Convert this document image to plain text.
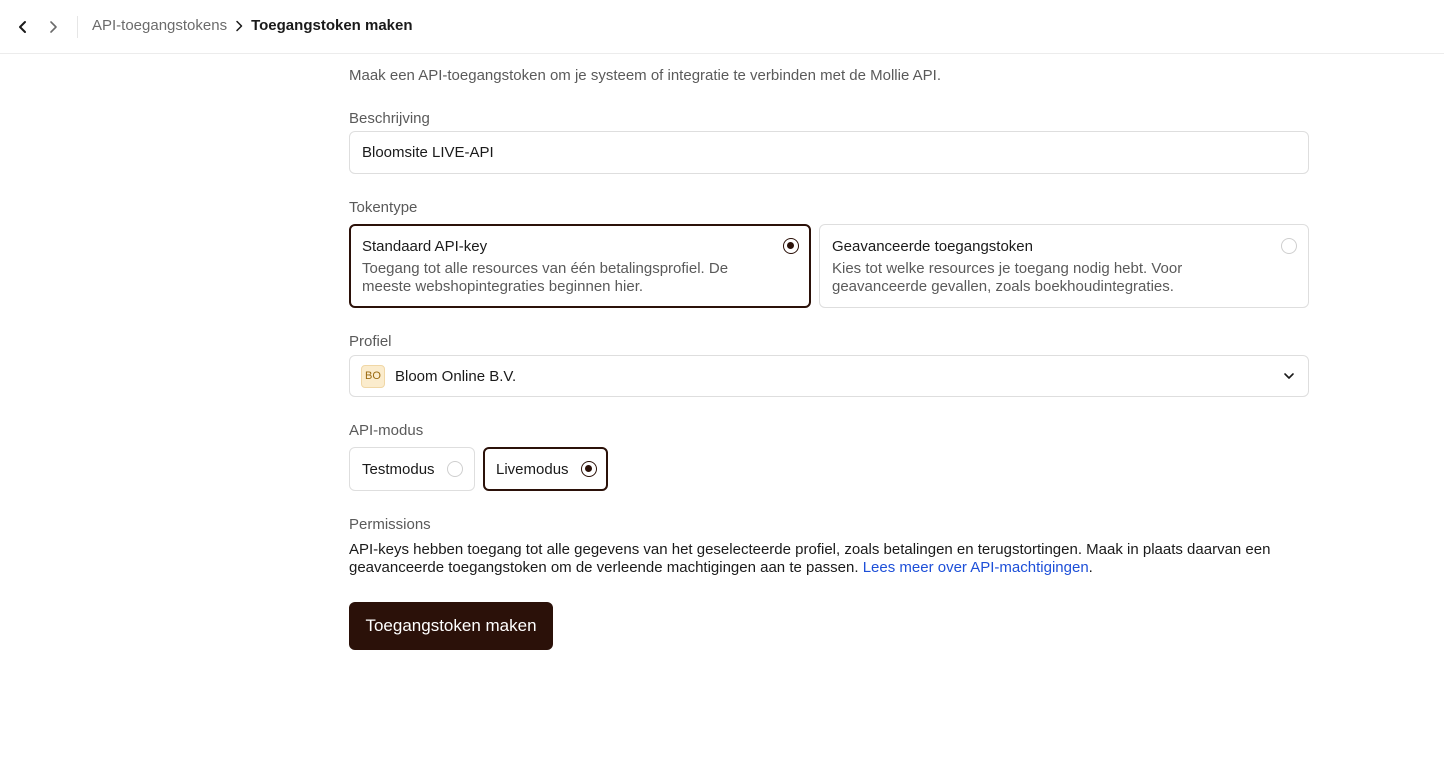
API-toegangstokens Toegangstoken maken

Maak een API-toegangstoken om je systeem of integratie te verbinden met de Mollie API.

Beschrijving
Bloomsite LIVE-API
Tokentype
Standaard API-key
Toegang tot alle resources van één betalingsprofiel. De meeste webshopintegraties beginnen hier.
Geavanceerde toegangstoken
Kies tot welke resources je toegang nodig hebt. Voor geavanceerde gevallen, zoals boekhoudintegraties.
Profiel
BO Bloom Online B.V.
API-modus
Testmodus	Livemodus
Permissions

API-keys hebben toegang tot alle gegevens van het geselecteerde profiel, zoals betalingen en terugstortingen. Maak in plaats daarvan een geavanceerde toegangstoken om de verleende machtigingen aan te passen. Lees meer over API-machtigingen.

Toegangstoken maken
